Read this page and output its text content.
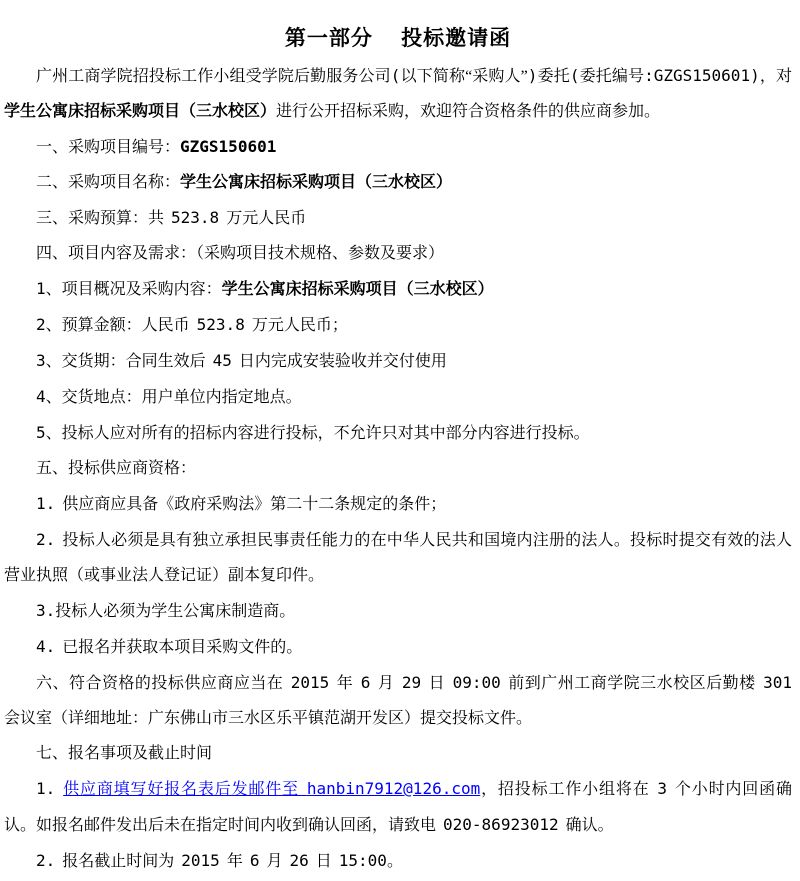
第一部分　 投标邀请函

广州工商学院招投标工作小组受学院后勤服务公司(以下简称“采购人”)委托(委托编号:GZGS150601)，对学生公寓床招标采购项目（三水校区）进行公开招标采购，欢迎符合资格条件的供应商参加。

一、采购项目编号：GZGS150601

二、采购项目名称：学生公寓床招标采购项目（三水校区）

三、采购预算：共 523.8 万元人民币

四、项目内容及需求：（采购项目技术规格、参数及要求）

1、项目概况及采购内容：学生公寓床招标采购项目（三水校区）

2、预算金额：人民币 523.8 万元人民币；

3、交货期：合同生效后 45 日内完成安装验收并交付使用

4、交货地点：用户单位内指定地点。

5、投标人应对所有的招标内容进行投标，不允许只对其中部分内容进行投标。

五、投标供应商资格：

1. 供应商应具备《政府采购法》第二十二条规定的条件；

2. 投标人必须是具有独立承担民事责任能力的在中华人民共和国境内注册的法人。投标时提交有效的法人营业执照（或事业法人登记证）副本复印件。

3.投标人必须为学生公寓床制造商。

4. 已报名并获取本项目采购文件的。

六、符合资格的投标供应商应当在 2015 年 6 月 29 日 09:00 前到广州工商学院三水校区后勤楼 301 会议室（详细地址：广东佛山市三水区乐平镇范湖开发区）提交投标文件。

七、报名事项及截止时间

1. 供应商填写好报名表后发邮件至 hanbin7912@126.com，招投标工作小组将在 3 个小时内回函确认。如报名邮件发出后未在指定时间内收到确认回函，请致电 020-86923012 确认。

2. 报名截止时间为 2015 年 6 月 26 日 15:00。
